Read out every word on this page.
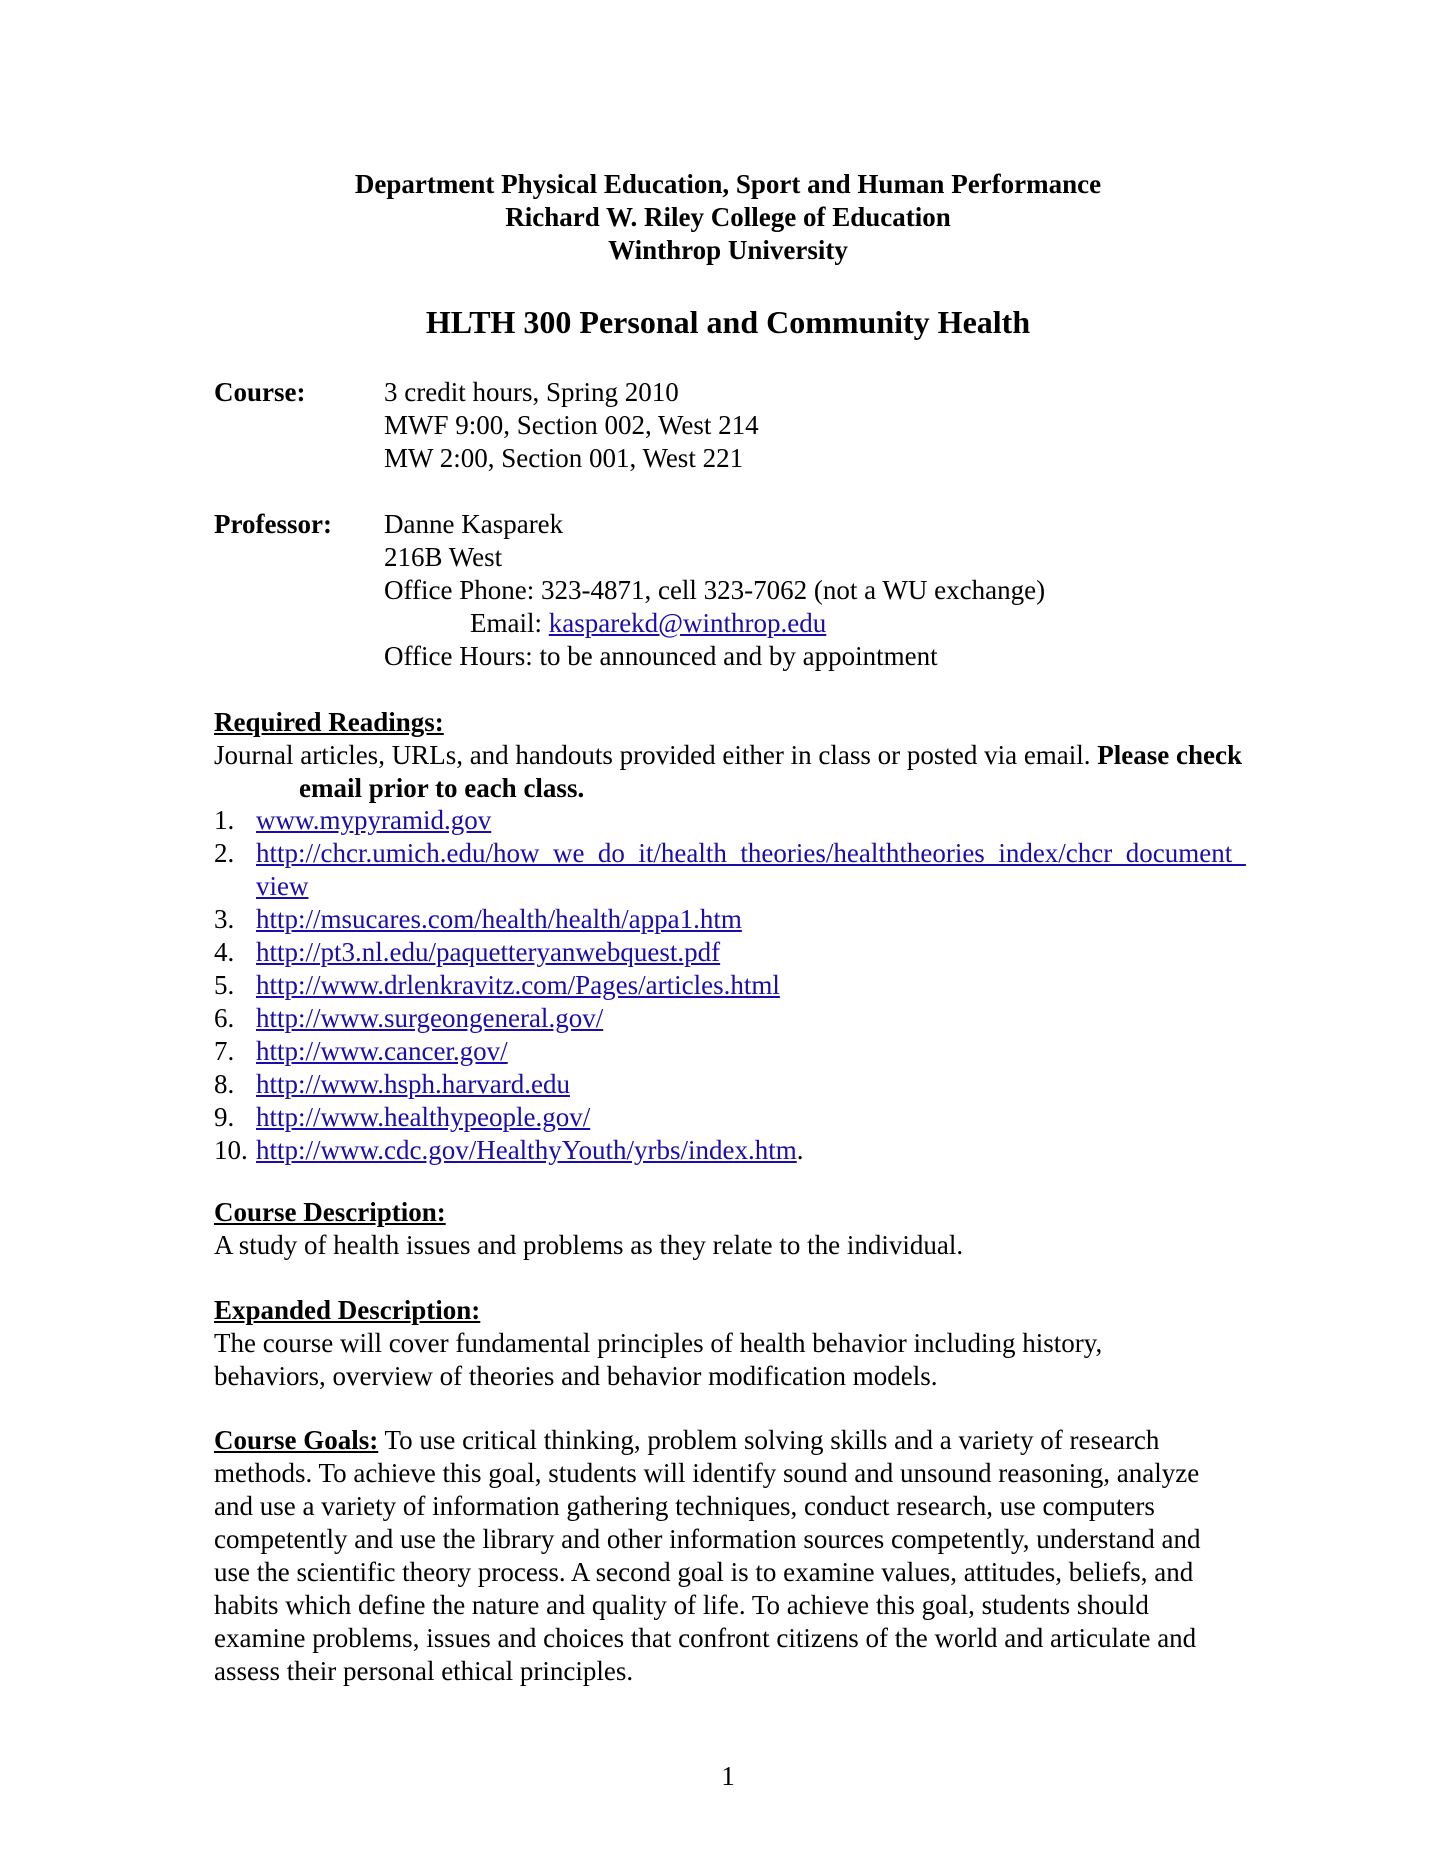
Department Physical Education, Sport and Human Performance
Richard W. Riley College of Education
Winthrop University
HLTH 300 Personal and Community Health
Course:	3 credit hours, Spring 2010
MWF 9:00, Section 002, West 214
MW 2:00, Section 001, West 221
Professor: Danne Kasparek
216B West
Office Phone: 323-4871, cell 323-7062 (not a WU exchange)
Email: kasparekd@winthrop.edu
Office Hours: to be announced and by appointment
Required Readings:
Journal articles, URLs, and handouts provided either in class or posted via email. Please check email prior to each class.
1. www.mypyramid.gov
2. http://chcr.umich.edu/how_we_do_it/health_theories/healththeories_index/chcr_document_view
3. http://msucares.com/health/health/appa1.htm
4. http://pt3.nl.edu/paquetteryanwebquest.pdf
5. http://www.drlenkravitz.com/Pages/articles.html
6. http://www.surgeongeneral.gov/
7. http://www.cancer.gov/
8. http://www.hsph.harvard.edu
9. http://www.healthypeople.gov/
10. http://www.cdc.gov/HealthyYouth/yrbs/index.htm.
Course Description:
A study of health issues and problems as they relate to the individual.
Expanded Description:
The course will cover fundamental principles of health behavior including history, behaviors, overview of theories and behavior modification models.
Course Goals: To use critical thinking, problem solving skills and a variety of research methods. To achieve this goal, students will identify sound and unsound reasoning, analyze and use a variety of information gathering techniques, conduct research, use computers competently and use the library and other information sources competently, understand and use the scientific theory process. A second goal is to examine values, attitudes, beliefs, and habits which define the nature and quality of life. To achieve this goal, students should examine problems, issues and choices that confront citizens of the world and articulate and assess their personal ethical principles.
1
